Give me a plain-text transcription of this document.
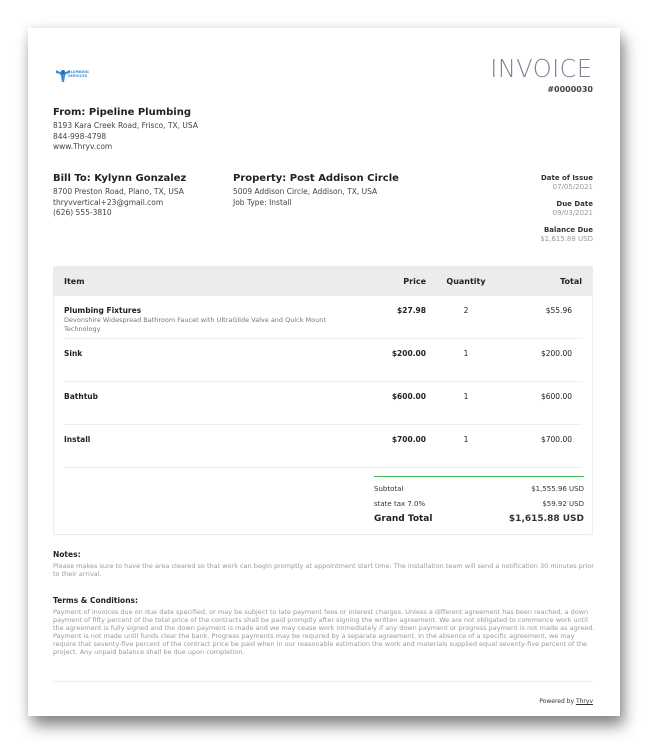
PLUMBING
SERVICES	INVOICE
#0000030
From: Pipeline Plumbing
8193 Kara Creek Road, Frisco, TX, USA
844-998-4798
www.Thryv.com
Bill To: Kylynn Gonzalez
8700 Preston Road, Plano, TX, USA
thryvvertical+23@gmail.com
(626) 555-3810
Property: Post Addison Circle
5009 Addison Circle, Addison, TX, USA
Job Type: Install
Date of Issue
07/05/2021
Due Date
09/03/2021
Balance Due
$1,615.88 USD
Item	Price	Quantity	Total
Plumbing Fixtures
Devonshire Widespread Bathroom Faucet with UltraGlide Valve and Quick Mount Technology
$27.98	2	$55.96
Sink	$200.00	1	$200.00
Bathtub	$600.00	1	$600.00
Install	$700.00	1	$700.00
Subtotal	$1,555.96 USD
state tax 7.0%	$59.92 USD
Grand Total	$1,615.88 USD
Notes:
Please makes sure to have the area cleared so that work can begin promptly at appointment start time. The installation team will send a notification 30 minutes prior to their arrival.
Terms & Conditions:
Payment of invoices due on due date specified, or may be subject to late payment fees or interest charges. Unless a different agreement has been reached, a down payment of fifty percent of the total price of the contracts shall be paid promptly after signing the written agreement. We are not obligated to commence work until the agreement is fully signed and the down payment is made and we may cease work immediately if any down payment or progress payment is not made as agreed. Payment is not made until funds clear the bank. Progress payments may be required by a separate agreement. In the absence of a specific agreement, we may require that seventy-five percent of the contract price be paid when in our reasonable estimation the work and materials supplied equal seventy-five percent of the project. Any unpaid balance shall be due upon completion.
Powered by Thryv
